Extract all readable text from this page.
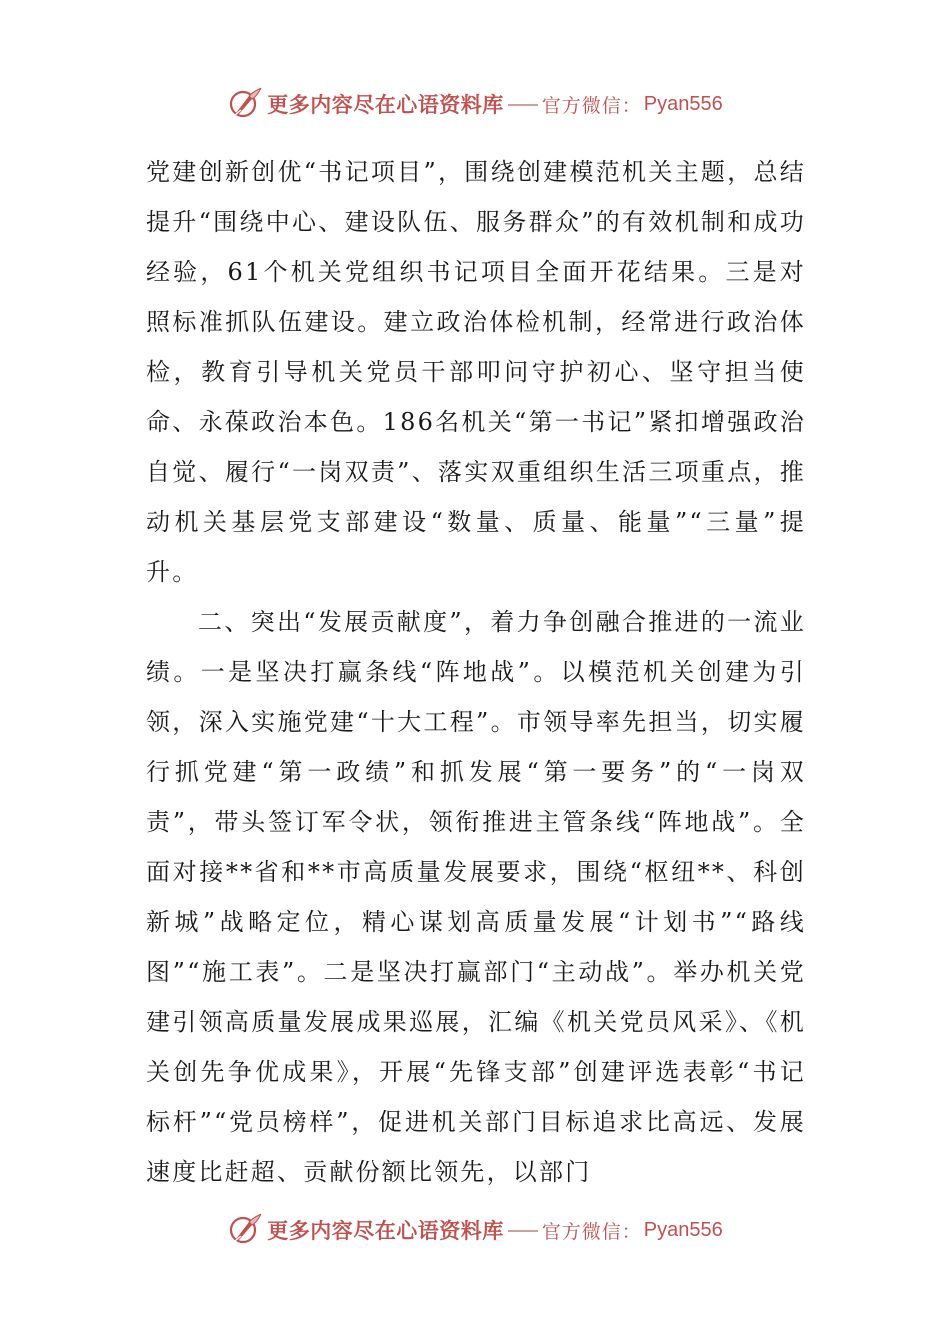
更多内容尽在心语资料库 官方微信： Pyan556

党建创新创优“书记项目”，围绕创建模范机关主题，总结提升“围绕中心、建设队伍、服务群众”的有效机制和成功经验，61个机关党组织书记项目全面开花结果。三是对照标准抓队伍建设。建立政治体检机制，经常进行政治体检，教育引导机关党员干部叩问守护初心、坚守担当使命、永葆政治本色。186名机关“第一书记”紧扣增强政治自觉、履行“一岗双责”、落实双重组织生活三项重点，推动机关基层党支部建设“数量、质量、能量”“三量”提升。

二、突出“发展贡献度”，着力争创融合推进的一流业绩。一是坚决打赢条线“阵地战”。以模范机关创建为引领，深入实施党建“十大工程”。市领导率先担当，切实履行抓党建“第一政绩”和抓发展“第一要务”的“一岗双责”，带头签订军令状，领衔推进主管条线“阵地战”。全面对接**省和**市高质量发展要求，围绕“枢纽**、科创新城”战略定位，精心谋划高质量发展“计划书”“路线图”“施工表”。二是坚决打赢部门“主动战”。举办机关党建引领高质量发展成果巡展，汇编《机关党员风采》、《机关创先争优成果》，开展“先锋支部”创建评选表彰“书记标杆”“党员榜样”，促进机关部门目标追求比高远、发展速度比赶超、贡献份额比领先，以部门

更多内容尽在心语资料库 官方微信： Pyan556
